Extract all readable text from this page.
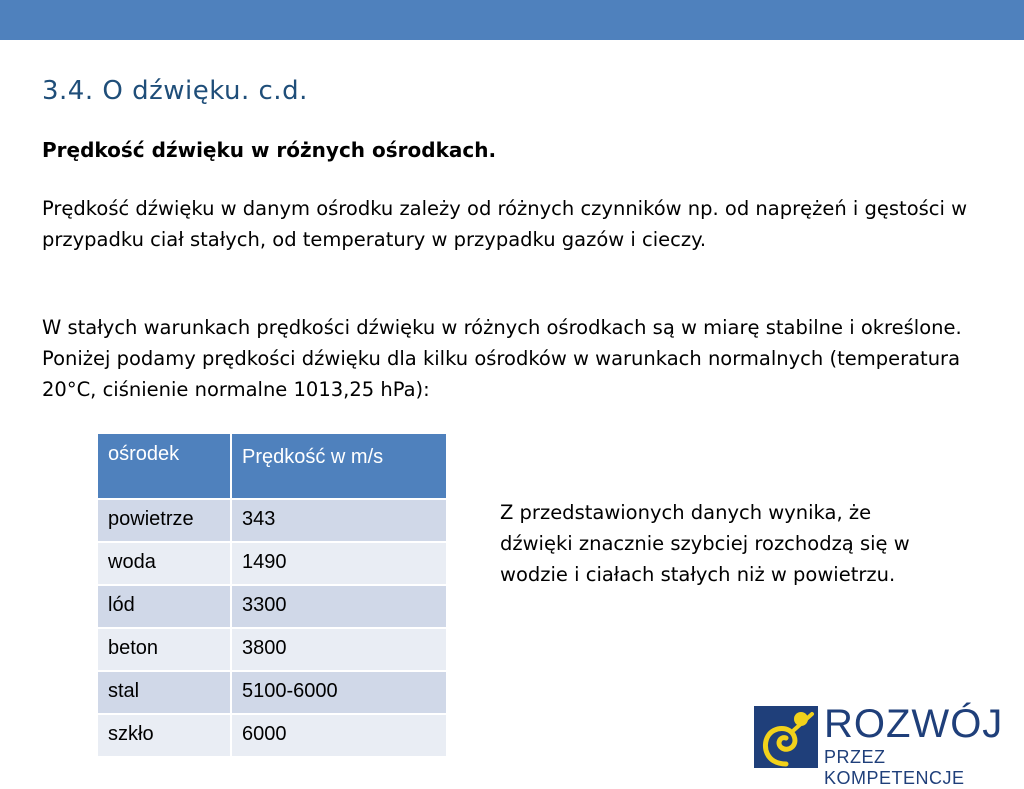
3.4. O dźwięku. c.d.
Prędkość dźwięku w różnych ośrodkach.
Prędkość dźwięku w danym ośrodku zależy od różnych czynników np. od naprężeń i gęstości w przypadku ciał stałych, od temperatury w przypadku gazów i cieczy.
W stałych warunkach prędkości dźwięku w różnych ośrodkach są w miarę stabilne i określone.
Poniżej podamy prędkości dźwięku dla kilku ośrodków w warunkach normalnych (temperatura 20°C, ciśnienie normalne 1013,25 hPa):
ośrodek	Prędkość w m/s
powietrze	343
woda	1490
lód	3300
beton	3800
stal	5100-6000
szkło	6000
Z przedstawionych danych wynika, że dźwięki znacznie szybciej rozchodzą się w wodzie i ciałach stałych niż w powietrzu.
ROZWÓJ
PRZEZ KOMPETENCJE
